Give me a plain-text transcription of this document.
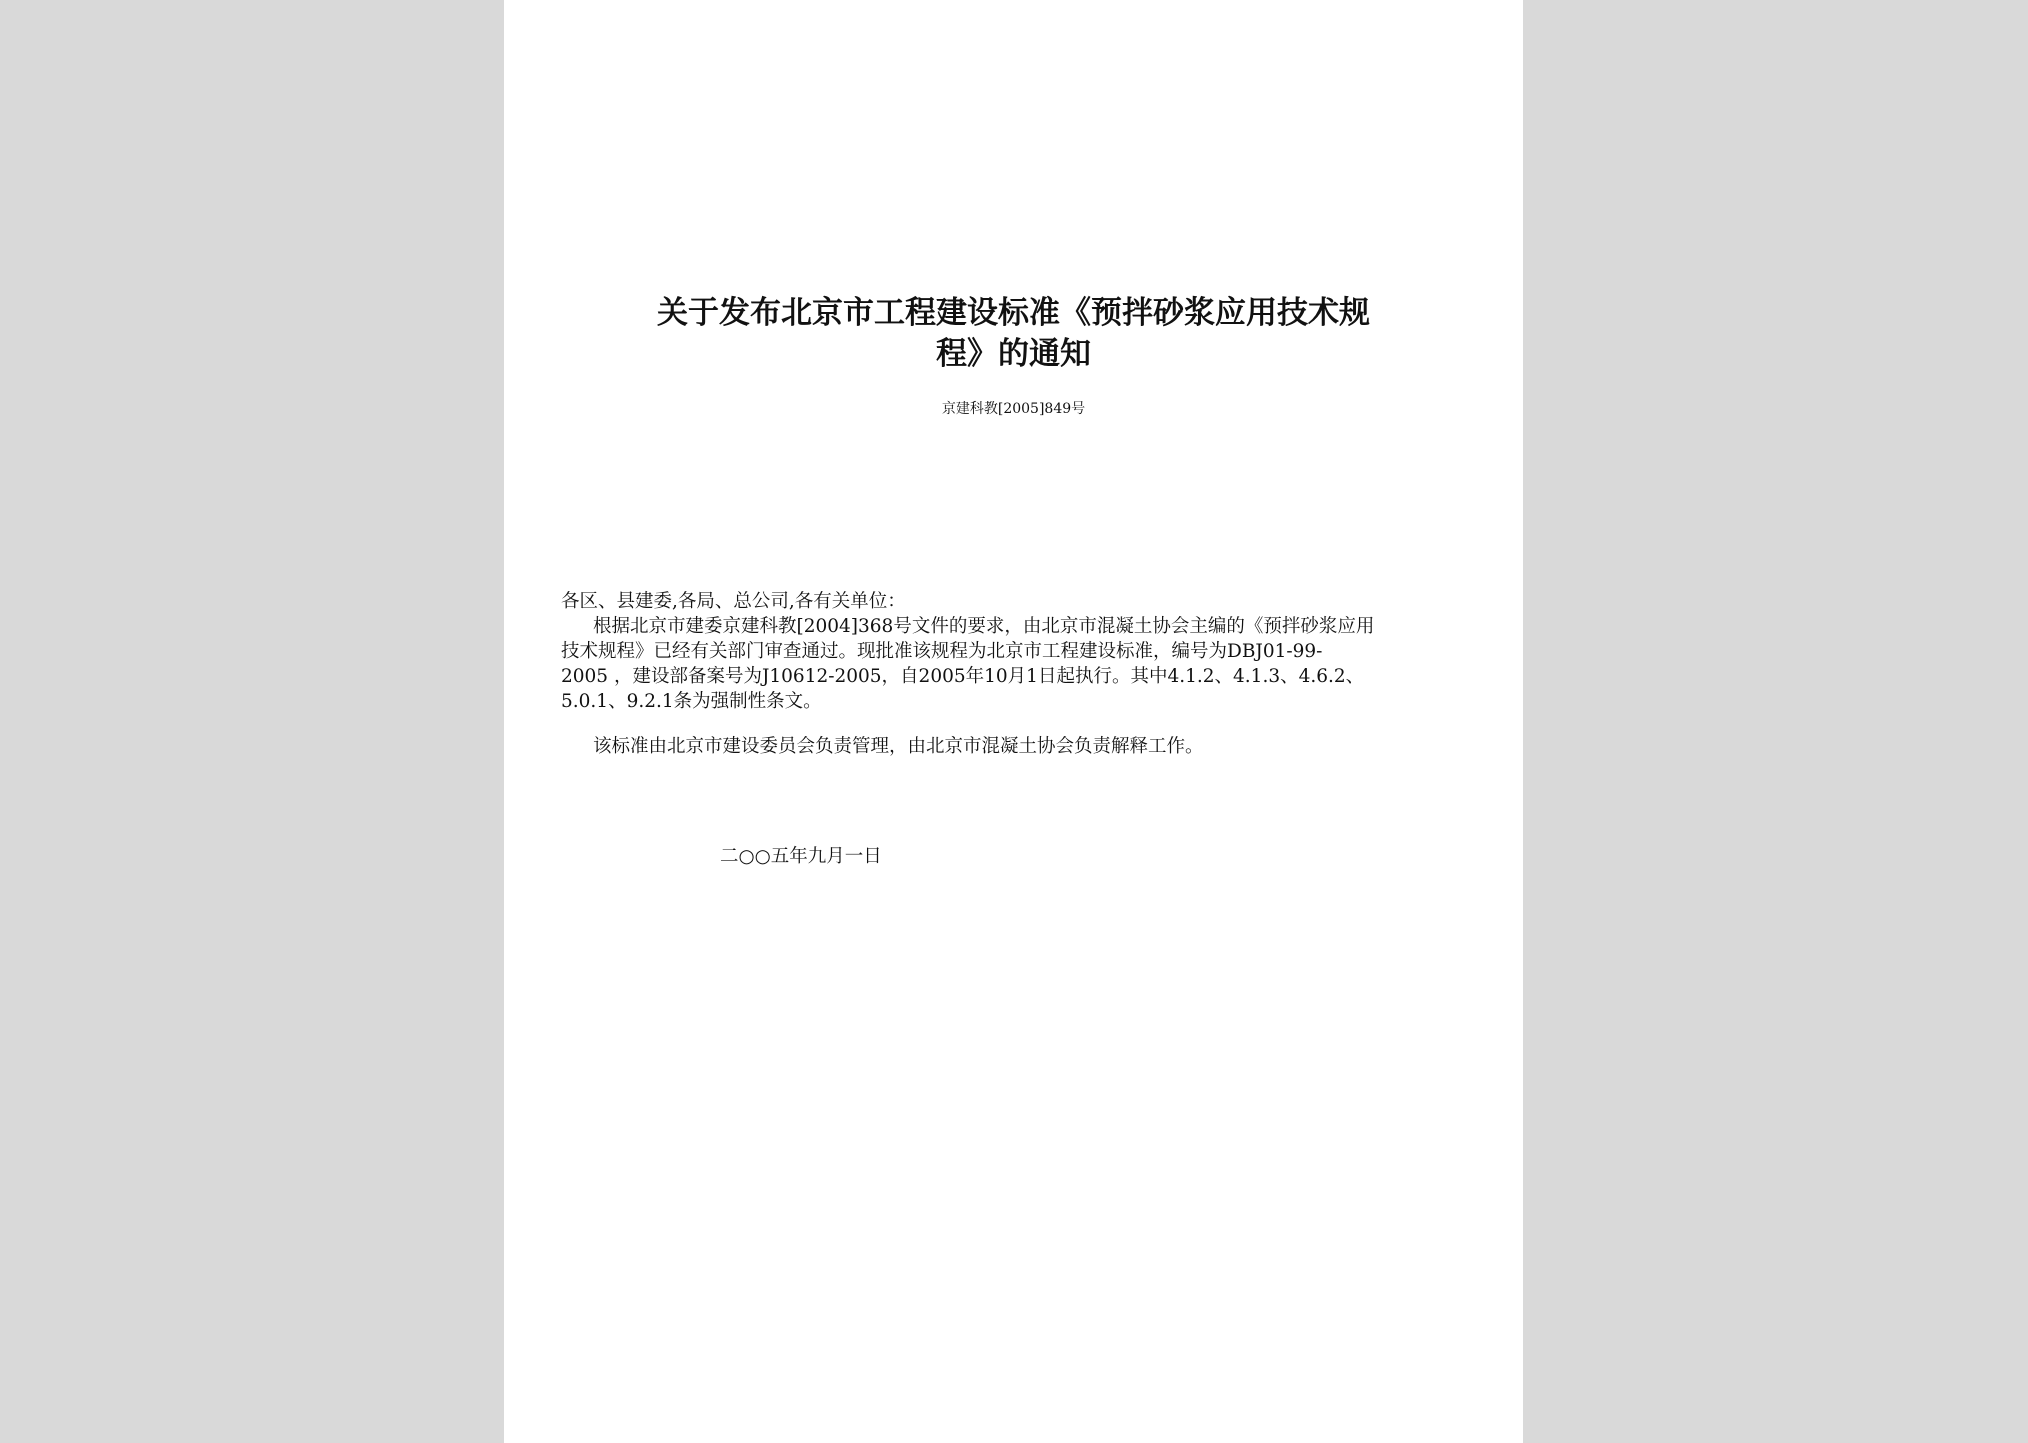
关于发布北京市工程建设标准《预拌砂浆应用技术规
程》的通知
京建科教[2005]849号
各区、县建委,各局、总公司,各有关单位：
根据北京市建委京建科教[2004]368号文件的要求，由北京市混凝土协会主编的《预拌砂浆应用
技术规程》已经有关部门审查通过。现批准该规程为北京市工程建设标准，编号为DBJ01-99-
2005 ，建设部备案号为J10612-2005，自2005年10月1日起执行。其中4.1.2、4.1.3、4.6.2、
5.0.1、9.2.1条为强制性条文。
该标准由北京市建设委员会负责管理，由北京市混凝土协会负责解释工作。
二○○五年九月一日
